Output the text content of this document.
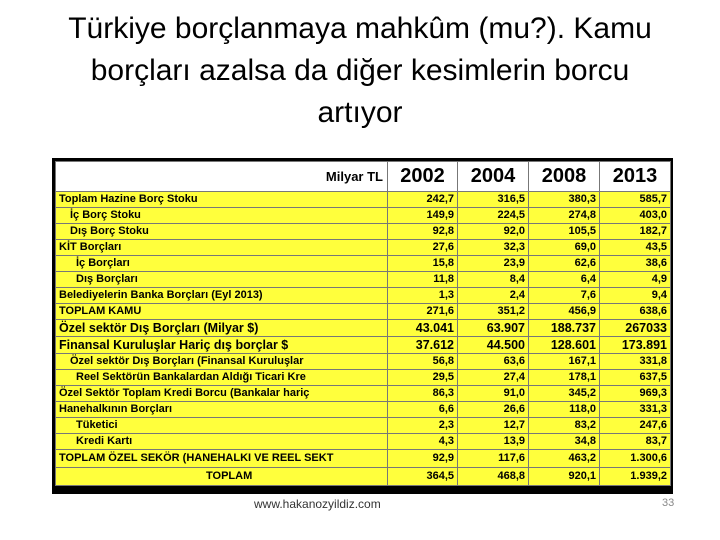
Türkiye borçlanmaya mahkûm (mu?). Kamu
borçları azalsa da diğer kesimlerin borcu
artıyor
Milyar TL	2002	2004	2008	2013
Toplam Hazine Borç Stoku	242,7	316,5	380,3	585,7
İç Borç Stoku	149,9	224,5	274,8	403,0
Dış Borç Stoku	92,8	92,0	105,5	182,7
KİT Borçları	27,6	32,3	69,0	43,5
İç Borçları	15,8	23,9	62,6	38,6
Dış Borçları	11,8	8,4	6,4	4,9
Belediyelerin Banka Borçları (Eyl 2013)	1,3	2,4	7,6	9,4
TOPLAM KAMU	271,6	351,2	456,9	638,6
Özel sektör Dış Borçları (Milyar $)	43.041	63.907	188.737	267033
Finansal Kuruluşlar Hariç dış borçlar $	37.612	44.500	128.601	173.891
Özel sektör Dış Borçları (Finansal Kuruluşlar	56,8	63,6	167,1	331,8
Reel Sektörün Bankalardan Aldığı Ticari Kre	29,5	27,4	178,1	637,5
Özel Sektör Toplam Kredi Borcu (Bankalar hariç	86,3	91,0	345,2	969,3
Hanehalkının Borçları	6,6	26,6	118,0	331,3
Tüketici	2,3	12,7	83,2	247,6
Kredi Kartı	4,3	13,9	34,8	83,7
TOPLAM ÖZEL SEKÖR (HANEHALKI VE REEL SEKT	92,9	117,6	463,2	1.300,6
TOPLAM	364,5	468,8	920,1	1.939,2
www.hakanozyildiz.com	33
